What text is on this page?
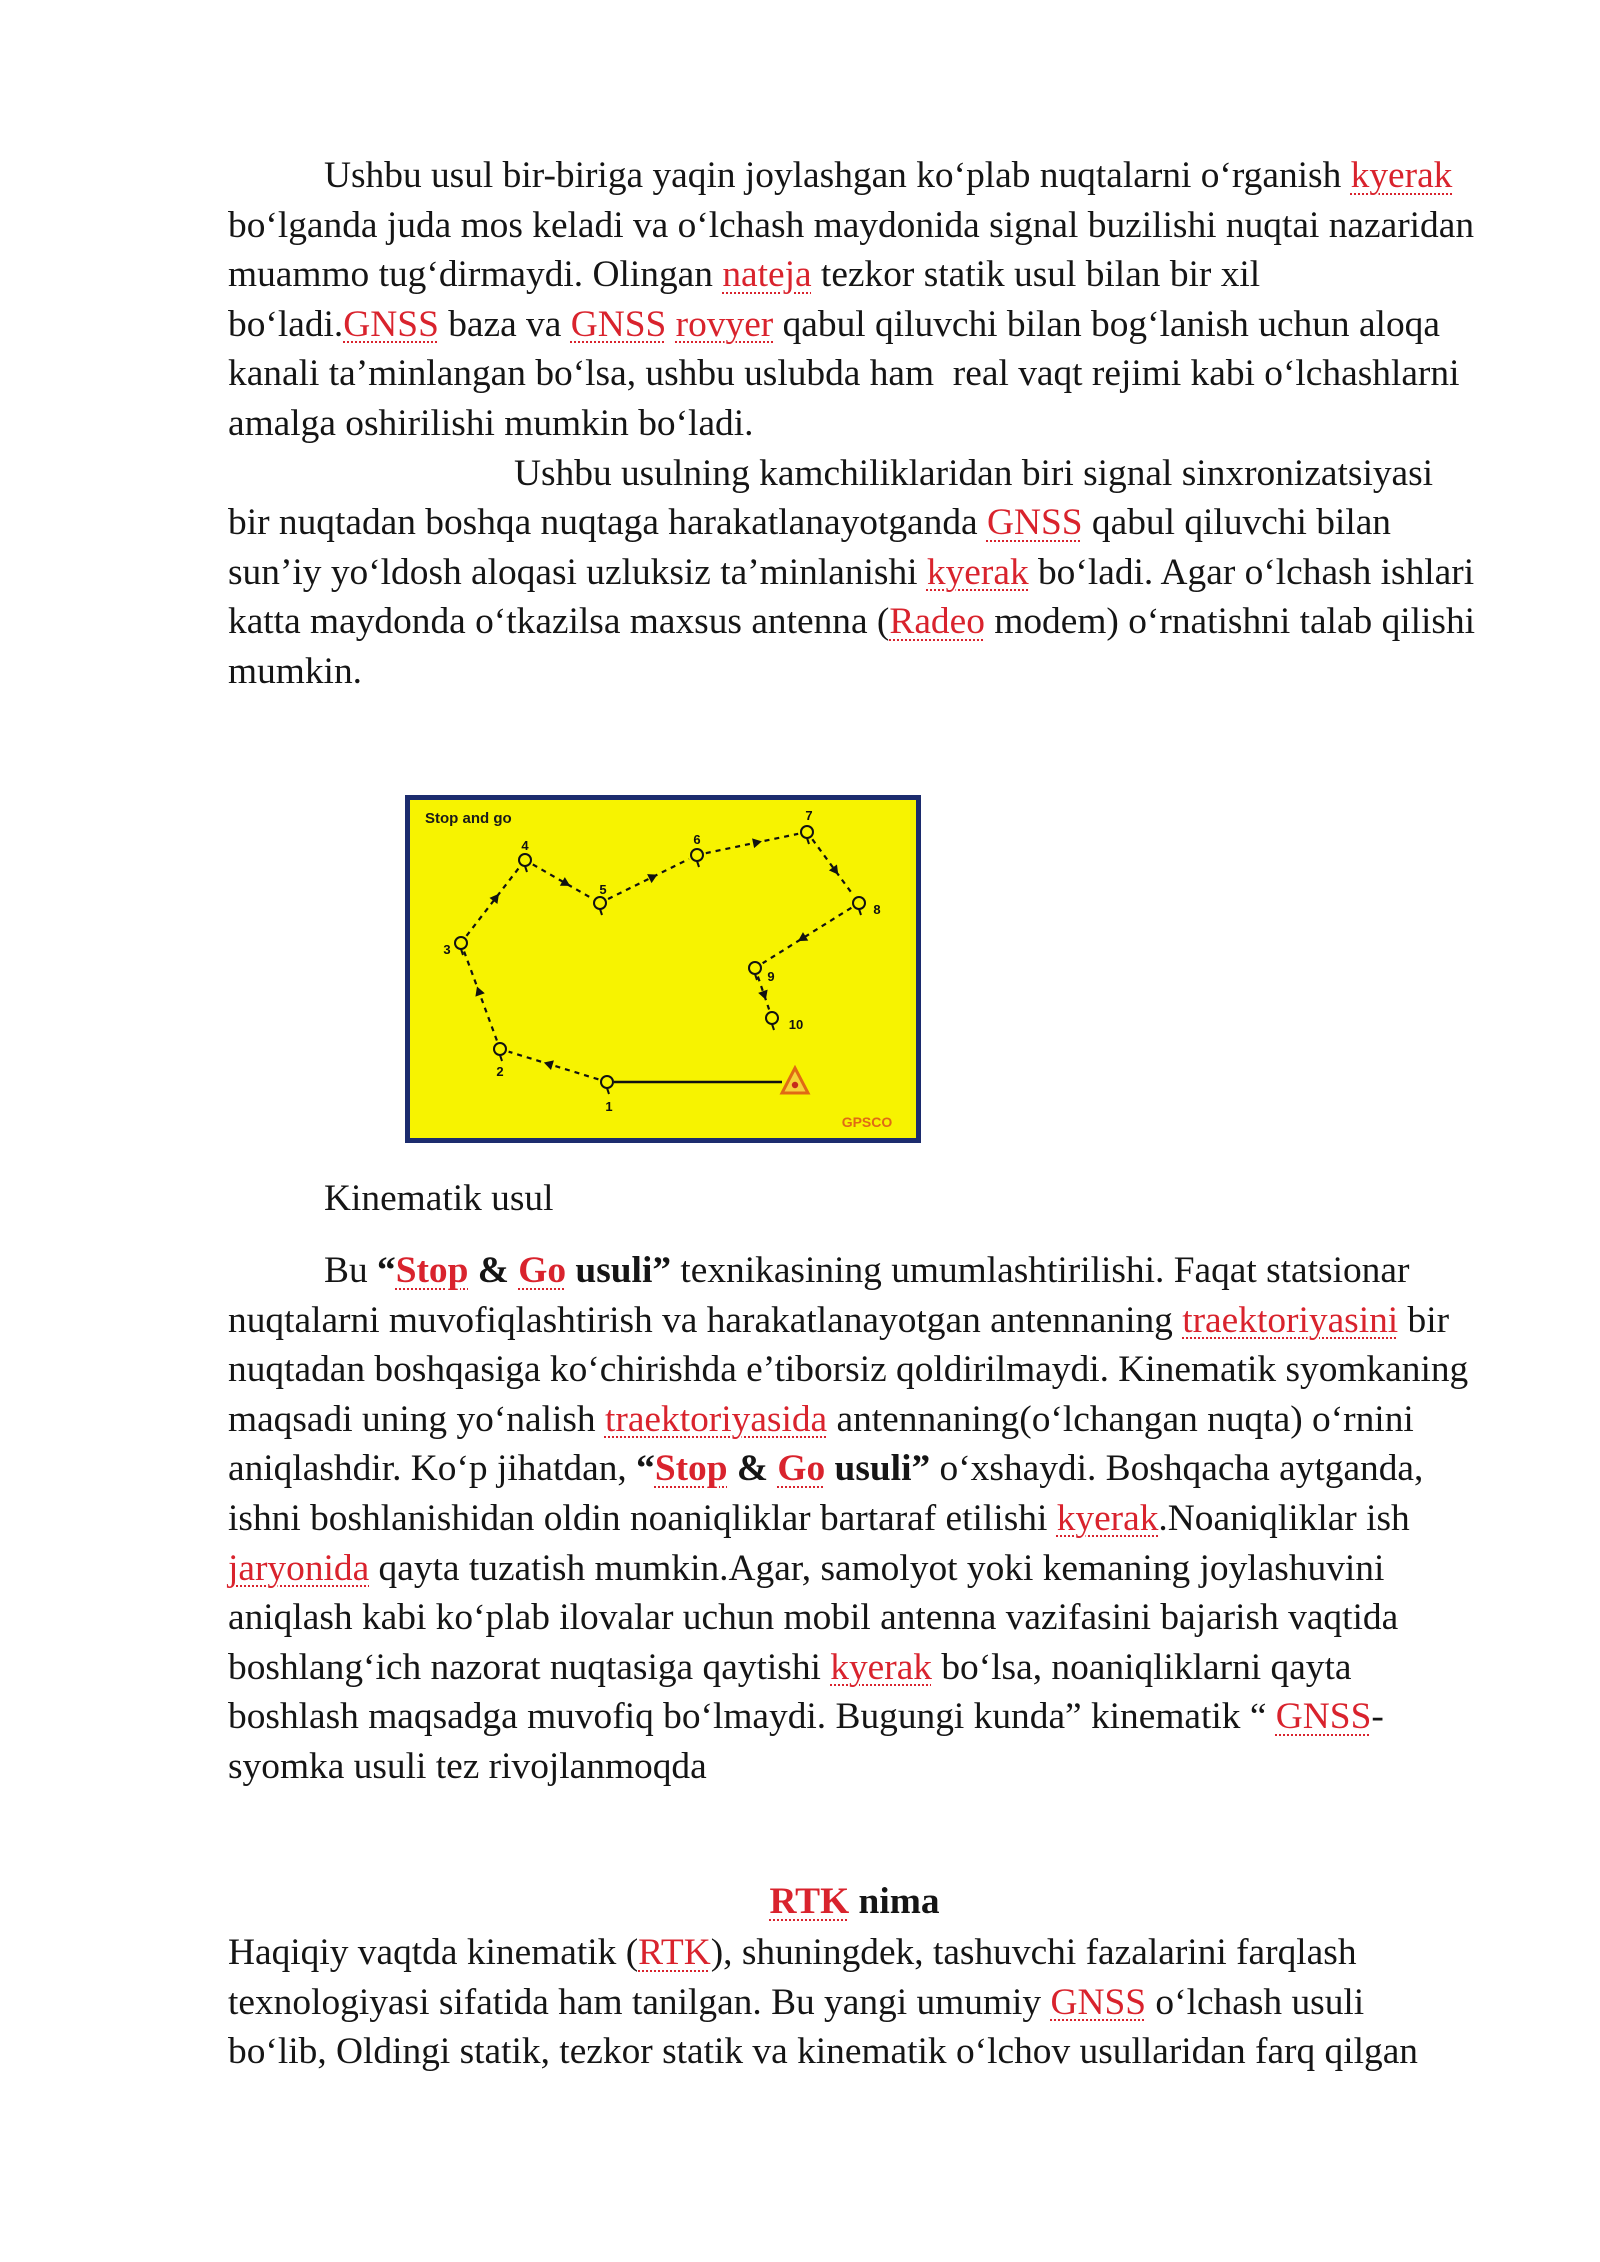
Ushbu usul bir-biriga yaqin joylashgan ko‘plab nuqtalarni o‘rganish kyerak
bo‘lganda juda mos keladi va o‘lchash maydonida signal buzilishi nuqtai nazaridan
muammo tug‘dirmaydi. Olingan nateja tezkor statik usul bilan bir xil
bo‘ladi.GNSS baza va GNSS rovyer qabul qiluvchi bilan bog‘lanish uchun aloqa
kanali ta’minlangan bo‘lsa, ushbu uslubda ham  real vaqt rejimi kabi o‘lchashlarni
amalga oshirilishi mumkin bo‘ladi.
Ushbu usulning kamchiliklaridan biri signal sinxronizatsiyasi
bir nuqtadan boshqa nuqtaga harakatlanayotganda GNSS qabul qiluvchi bilan
sun’iy yo‘ldosh aloqasi uzluksiz ta’minlanishi kyerak bo‘ladi. Agar o‘lchash ishlari
katta maydonda o‘tkazilsa maxsus antenna (Radeo modem) o‘rnatishni talab qilishi
mumkin.
1
2
3
4
5
6
7
8
9
10
Stop and go
GPSCO
Kinematik usul
Bu “Stop & Go usuli” texnikasining umumlashtirilishi. Faqat statsionar
nuqtalarni muvofiqlashtirish va harakatlanayotgan antennaning traektoriyasini bir
nuqtadan boshqasiga ko‘chirishda e’tiborsiz qoldirilmaydi. Kinematik syomkaning
maqsadi uning yo‘nalish traektoriyasida antennaning(o‘lchangan nuqta) o‘rnini
aniqlashdir. Ko‘p jihatdan, “Stop & Go usuli” o‘xshaydi. Boshqacha aytganda,
ishni boshlanishidan oldin noaniqliklar bartaraf etilishi kyerak.Noaniqliklar ish
jaryonida qayta tuzatish mumkin.Agar, samolyot yoki kemaning joylashuvini
aniqlash kabi ko‘plab ilovalar uchun mobil antenna vazifasini bajarish vaqtida
boshlang‘ich nazorat nuqtasiga qaytishi kyerak bo‘lsa, noaniqliklarni qayta
boshlash maqsadga muvofiq bo‘lmaydi. Bugungi kunda” kinematik “ GNSS-
syomka usuli tez rivojlanmoqda
RTK nima
Haqiqiy vaqtda kinematik (RTK), shuningdek, tashuvchi fazalarini farqlash
texnologiyasi sifatida ham tanilgan. Bu yangi umumiy GNSS o‘lchash usuli
bo‘lib, Oldingi statik, tezkor statik va kinematik o‘lchov usullaridan farq qilgan
